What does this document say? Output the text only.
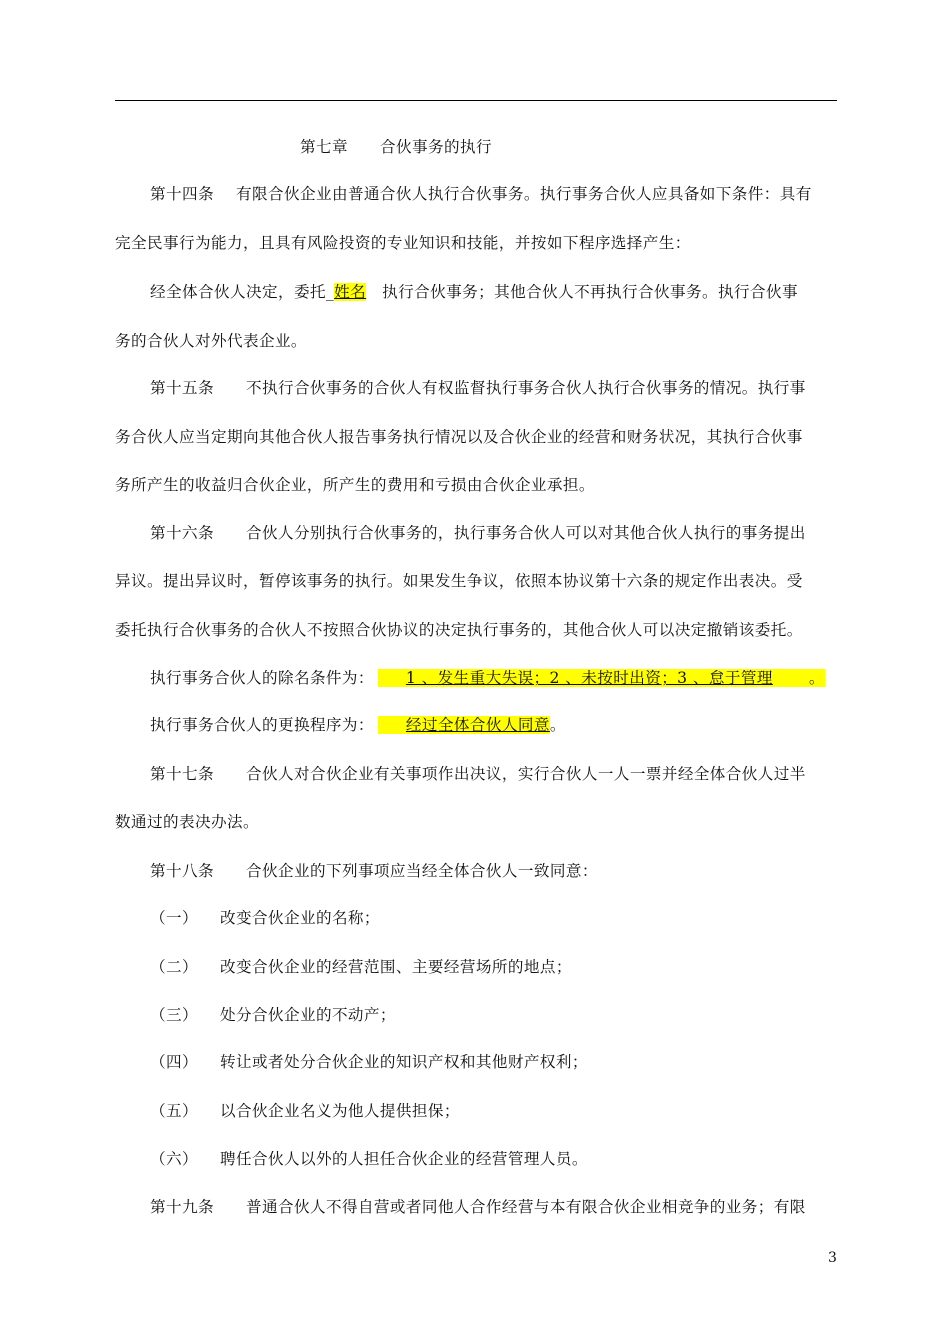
第七章 合伙事务的执行
第十四条 有限合伙企业由普通合伙人执行合伙事务。执行事务合伙人应具备如下条件：具有
完全民事行为能力，且具有风险投资的专业知识和技能，并按如下程序选择产生：
经全体合伙人决定，委托_姓名 执行合伙事务；其他合伙人不再执行合伙事务。执行合伙事
务的合伙人对外代表企业。
第十五条 不执行合伙事务的合伙人有权监督执行事务合伙人执行合伙事务的情况。执行事
务合伙人应当定期向其他合伙人报告事务执行情况以及合伙企业的经营和财务状况，其执行合伙事
务所产生的收益归合伙企业，所产生的费用和亏损由合伙企业承担。
第十六条 合伙人分别执行合伙事务的，执行事务合伙人可以对其他合伙人执行的事务提出
异议。提出异议时，暂停该事务的执行。如果发生争议，依照本协议第十六条的规定作出表决。受
委托执行合伙事务的合伙人不按照合伙协议的决定执行事务的，其他合伙人可以决定撤销该委托。
执行事务合伙人的除名条件为： 1 、发生重大失误；2 、未按时出资；3 、怠于管理 。
执行事务合伙人的更换程序为： 经过全体合伙人同意。
第十七条 合伙人对合伙企业有关事项作出决议，实行合伙人一人一票并经全体合伙人过半
数通过的表决办法。
第十八条 合伙企业的下列事项应当经全体合伙人一致同意：
（一） 改变合伙企业的名称；
（二） 改变合伙企业的经营范围、主要经营场所的地点；
（三） 处分合伙企业的不动产；
（四） 转让或者处分合伙企业的知识产权和其他财产权利；
（五） 以合伙企业名义为他人提供担保；
（六） 聘任合伙人以外的人担任合伙企业的经营管理人员。
第十九条 普通合伙人不得自营或者同他人合作经营与本有限合伙企业相竞争的业务；有限
3
